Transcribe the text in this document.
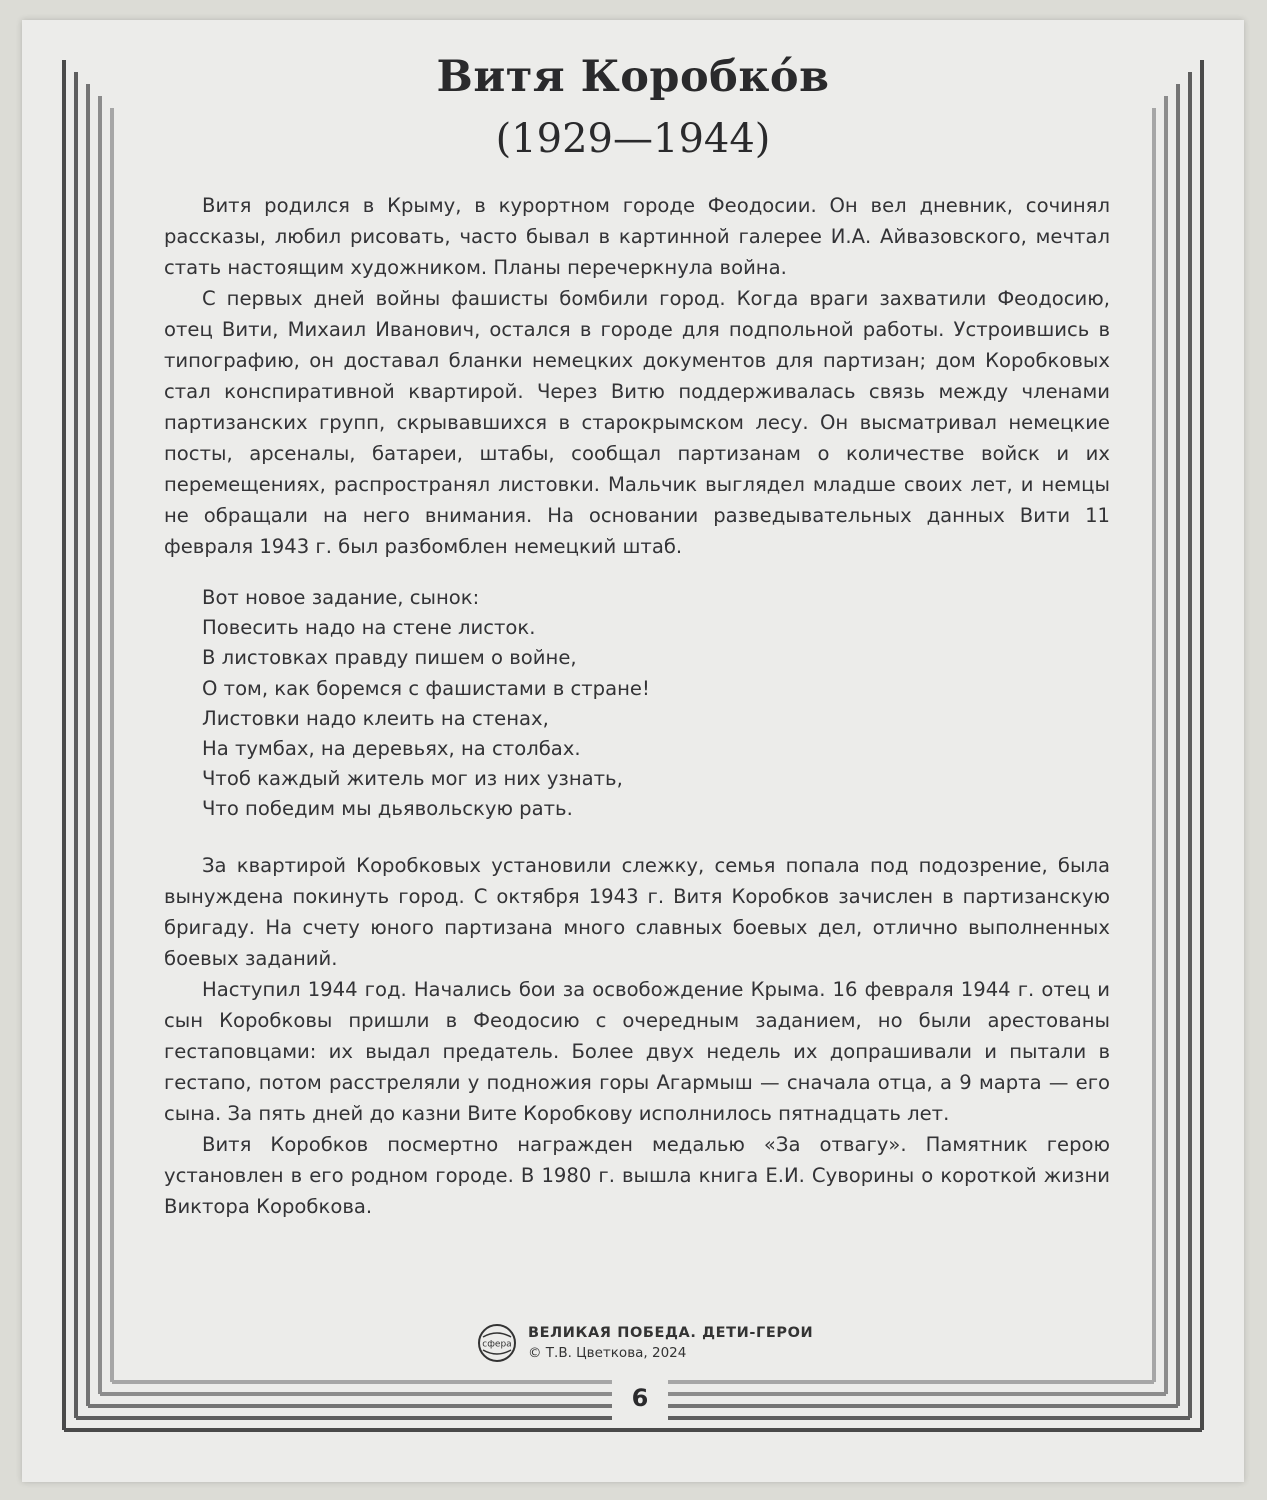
Витя Коробко́в
(1929—1944)

Витя родился в Крыму, в курортном городе Феодосии. Он вел дневник, сочинял рассказы, любил рисовать, часто бывал в картинной галерее И.А. Айвазовского, мечтал стать настоящим художником. Планы перечеркнула война.

С первых дней войны фашисты бомбили город. Когда враги захватили Феодосию, отец Вити, Михаил Иванович, остался в городе для подпольной работы. Устроившись в типографию, он доставал бланки немецких документов для партизан; дом Коробковых стал конспиративной квартирой. Через Витю поддерживалась связь между членами партизанских групп, скрывавшихся в старокрымском лесу. Он высматривал немецкие посты, арсеналы, батареи, штабы, сообщал партизанам о количестве войск и их перемещениях, распространял листовки. Мальчик выглядел младше своих лет, и немцы не обращали на него внимания. На основании разведывательных данных Вити 11 февраля 1943 г. был разбомблен немецкий штаб.

Вот новое задание, сынок:
Повесить надо на стене листок.
В листовках правду пишем о войне,
О том, как боремся с фашистами в стране!
Листовки надо клеить на стенах,
На тумбах, на деревьях, на столбах.
Чтоб каждый житель мог из них узнать,
Что победим мы дьявольскую рать.

За квартирой Коробковых установили слежку, семья попала под подозрение, была вынуждена покинуть город. С октября 1943 г. Витя Коробков зачислен в партизанскую бригаду. На счету юного партизана много славных боевых дел, отлично выполненных боевых заданий.

Наступил 1944 год. Начались бои за освобождение Крыма. 16 февраля 1944 г. отец и сын Коробковы пришли в Феодосию с очередным заданием, но были арестованы гестаповцами: их выдал предатель. Более двух недель их допрашивали и пытали в гестапо, потом расстреляли у подножия горы Агармыш — сначала отца, а 9 марта — его сына. За пять дней до казни Вите Коробкову исполнилось пятнадцать лет.

Витя Коробков посмертно награжден медалью «За отвагу». Памятник герою установлен в его родном городе. В 1980 г. вышла книга Е.И. Суворины о короткой жизни Виктора Коробкова.

сфера
ВЕЛИКАЯ ПОБЕДА. ДЕТИ-ГЕРОИ
© Т.В. Цветкова, 2024
6
